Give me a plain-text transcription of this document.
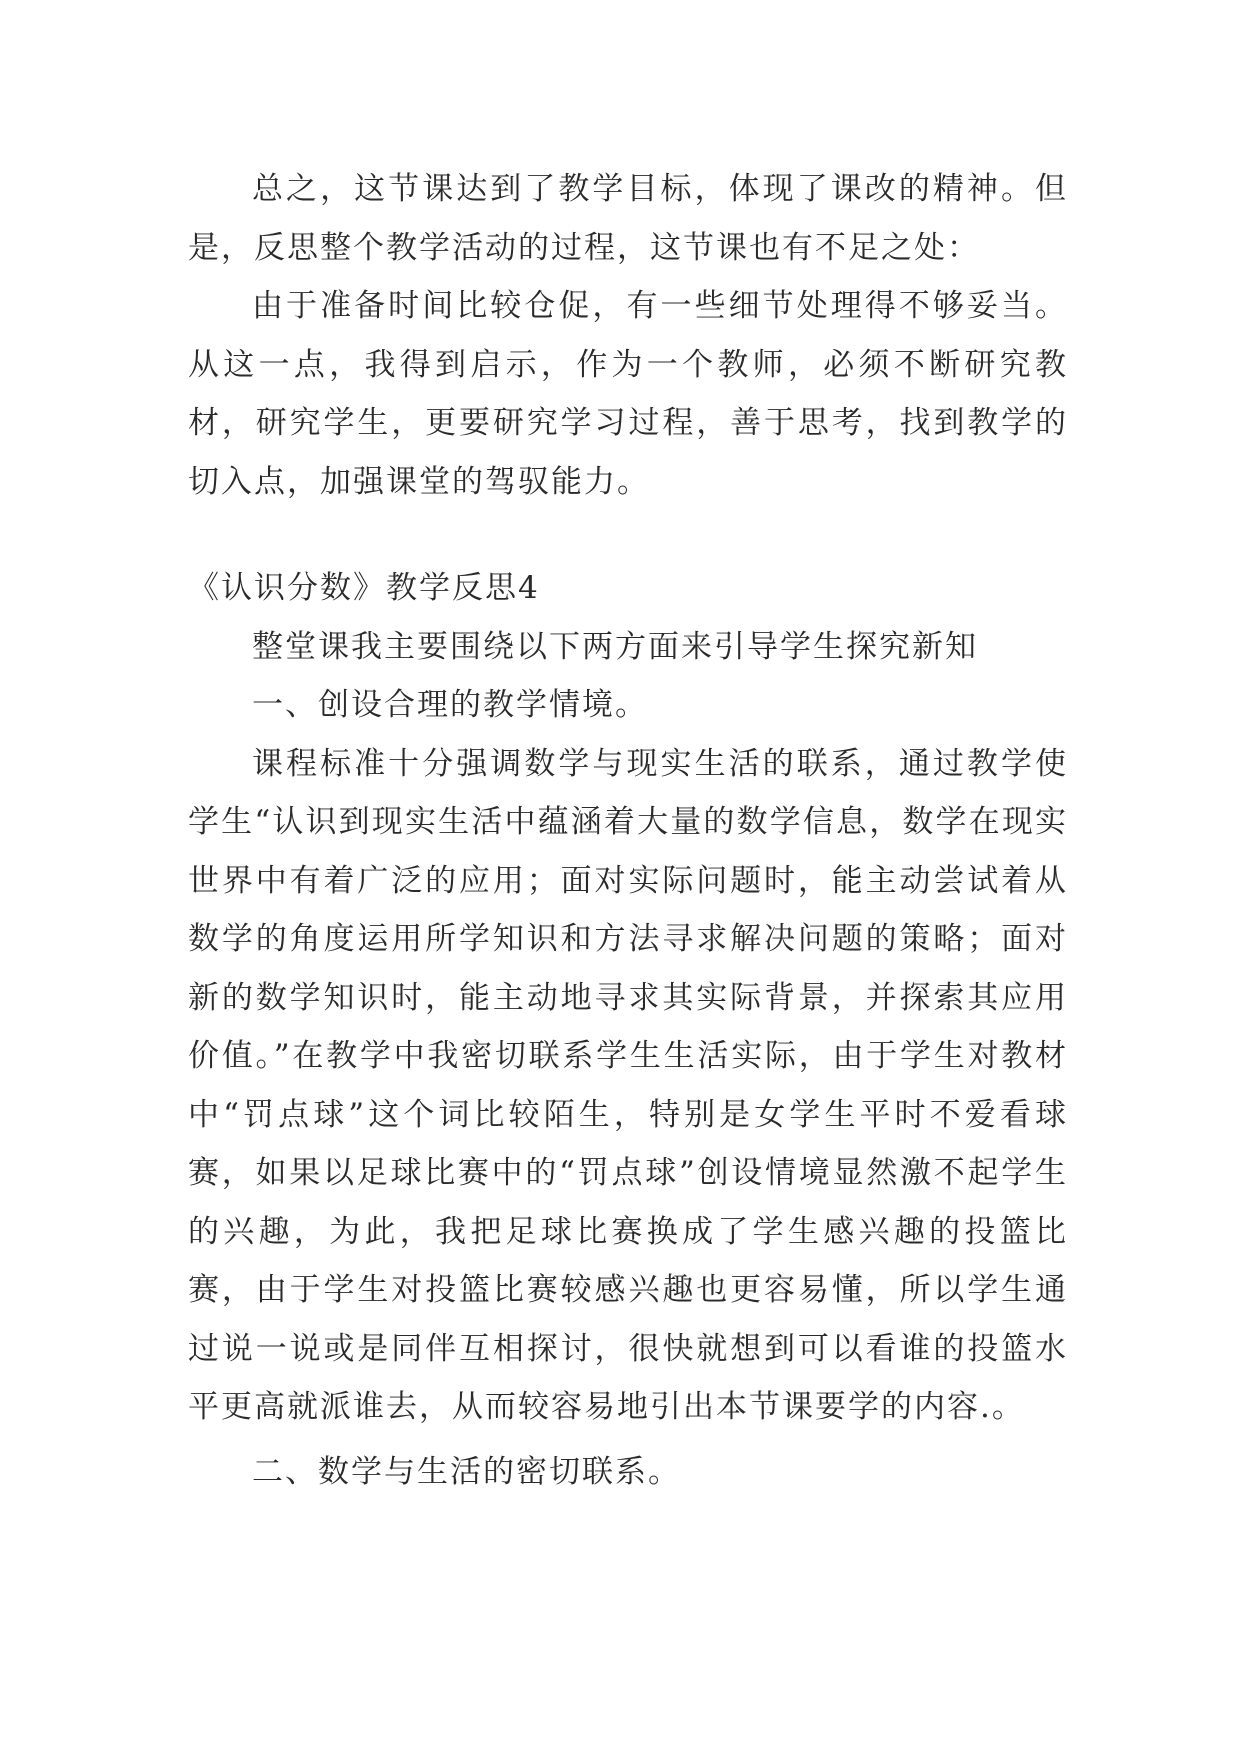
总之，这节课达到了教学目标，体现了课改的精神。但是，反思整个教学活动的过程，这节课也有不足之处：

由于准备时间比较仓促，有一些细节处理得不够妥当。从这一点，我得到启示，作为一个教师，必须不断研究教材，研究学生，更要研究学习过程，善于思考，找到教学的切入点，加强课堂的驾驭能力。

《认识分数》教学反思4

整堂课我主要围绕以下两方面来引导学生探究新知

一、创设合理的教学情境。

课程标准十分强调数学与现实生活的联系，通过教学使学生“认识到现实生活中蕴涵着大量的数学信息，数学在现实世界中有着广泛的应用；面对实际问题时，能主动尝试着从数学的角度运用所学知识和方法寻求解决问题的策略；面对新的数学知识时，能主动地寻求其实际背景，并探索其应用价值。”在教学中我密切联系学生生活实际，由于学生对教材中“罚点球”这个词比较陌生，特别是女学生平时不爱看球赛，如果以足球比赛中的“罚点球”创设情境显然激不起学生的兴趣，为此，我把足球比赛换成了学生感兴趣的投篮比赛，由于学生对投篮比赛较感兴趣也更容易懂，所以学生通过说一说或是同伴互相探讨，很快就想到可以看谁的投篮水平更高就派谁去，从而较容易地引出本节课要学的内容.。

二、数学与生活的密切联系。
